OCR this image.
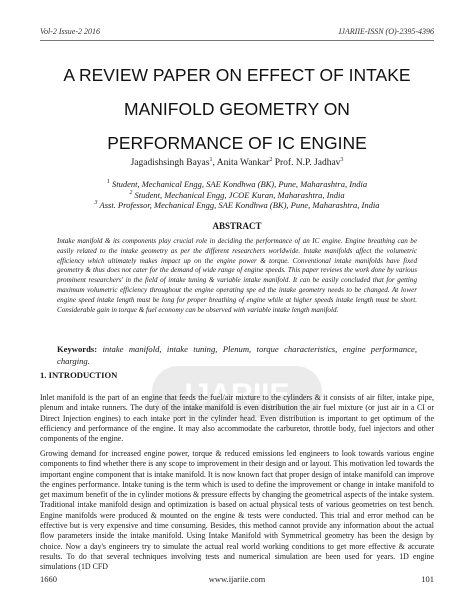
Vol-2 Issue-2 2016	IJARIIE-ISSN (O)-2395-4396
A REVIEW PAPER ON EFFECT OF INTAKE
MANIFOLD GEOMETRY ON
PERFORMANCE OF IC ENGINE
Jagadishsingh Bayas$^1$, Anita Wankar$^2$ Prof. N.P. Jadhav$^3$
$^1$ Student, Mechanical Engg, SAE Kondhwa (BK), Pune, Maharashtra, India
$^2$ Student, Mechanical Engg, JCOE Kuran, Maharashtra, India
$^3$ Asst. Professor, Mechanical Engg, SAE Kondhwa (BK), Pune, Maharashtra, India
ABSTRACT
Intake manifold & its components play crucial role in deciding the performance of an IC engine. Engine breathing can be easily related to the intake geometry as per the different researchers worldwide. Intake manifolds affect the volumetric efficiency which ultimately makes impact up on the engine power & torque. Conventional intake manifolds have fixed geometry & thus does not cater for the demand of wide range of engine speeds. This paper reviews the work done by various prominent researchers' in the field of intake tuning & variable intake manifold. It can be easily concluded that for getting maximum volumetric efficiency throughout the engine operating spe ed the intake geometry needs to be changed. At lower engine speed intake length must be long for proper breathing of engine while at higher speeds intake length must be short. Considerable gain in torque & fuel economy can be observed with variable intake length manifold.
Keywords: intake manifold, intake tuning, Plenum, torque characteristics, engine performance, charging.
IJARIIE
1. INTRODUCTION
Inlet manifold is the part of an engine that feeds the fuel/air mixture to the cylinders & it consists of air filter, intake pipe, plenum and intake runners. The duty of the intake manifold is even distribution the air fuel mixture (or just air in a CI or Direct Injection engines) to each intake port in the cylinder head. Even distribution is important to get optimum of the efficiency and performance of the engine. It may also accommodate the carburetor, throttle body, fuel injectors and other components of the engine.
Growing demand for increased engine power, torque & reduced emissions led engineers to look towards various engine components to find whether there is any scope to improvement in their design and or layout. This motivation led towards the important engine component that is intake manifold. It is now known fact that proper design of intake manifold can improve the engines performance. Intake tuning is the term which is used to define the improvement or change in intake manifold to get maximum benefit of the in cylinder motions & pressure effects by changing the geometrical aspects of the intake system. Traditional intake manifold design and optimization is based on actual physical tests of various geometries on test bench. Engine manifolds were produced & mounted on the engine & tests were conducted. This trial and error method can be effective but is very expensive and time consuming. Besides, this method cannot provide any information about the actual flow parameters inside the intake manifold. Using Intake Manifold with Symmetrical geometry has been the design by choice. Now a day's engineers try to simulate the actual real world working conditions to get more effective & accurate results. To do that several techniques involving tests and numerical simulation are been used for years. 1D engine simulations (1D CFD
1660	www.ijariie.com	101
